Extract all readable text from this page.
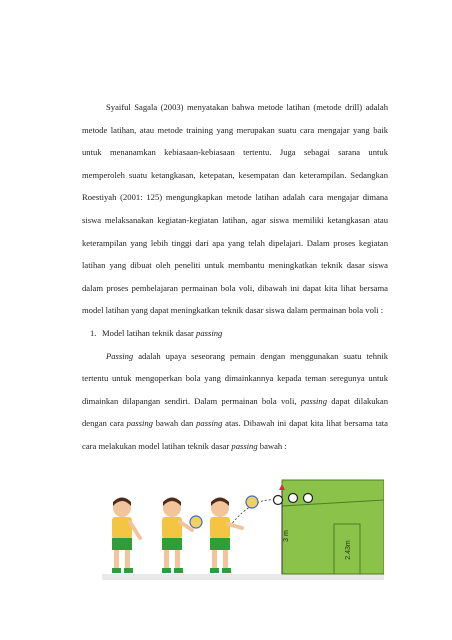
Syaiful Sagala (2003) menyatakan bahwa metode latihan (metode drill) adalah metode latihan, atau metode training yang merupakan suatu cara mengajar yang baik untuk menanamkan kebiasaan-kebiasaan tertentu. Juga sebagai sarana untuk memperoleh suatu ketangkasan, ketepatan, kesempatan dan keterampilan. Sedangkan Roestiyah (2001: 125) mengungkapkan metode latihan adalah cara mengajar dimana siswa melaksanakan kegiatan-kegiatan latihan, agar siswa memiliki ketangkasan atau keterampilan yang lebih tinggi dari apa yang telah dipelajari. Dalam proses kegiatan latihan yang dibuat oleh peneliti untuk membantu meningkatkan teknik dasar siswa dalam proses pembelajaran permainan bola voli, dibawah ini dapat kita lihat bersama model latihan yang dapat meningkatkan teknik dasar siswa dalam permainan bola voli :

1. Model latihan teknik dasar passing

Passing adalah upaya seseorang pemain dengan menggunakan suatu tehnik tertentu untuk mengoperkan bola yang dimainkannya kepada teman seregunya untuk dimainkan dilapangan sendiri. Dalam permainan bola voli, passing dapat dilakukan dengan cara passing bawah dan passing atas. Dibawah ini dapat kita lihat bersama tata cara melakukan model latihan teknik dasar passing bawah :

2.43m
3 m
